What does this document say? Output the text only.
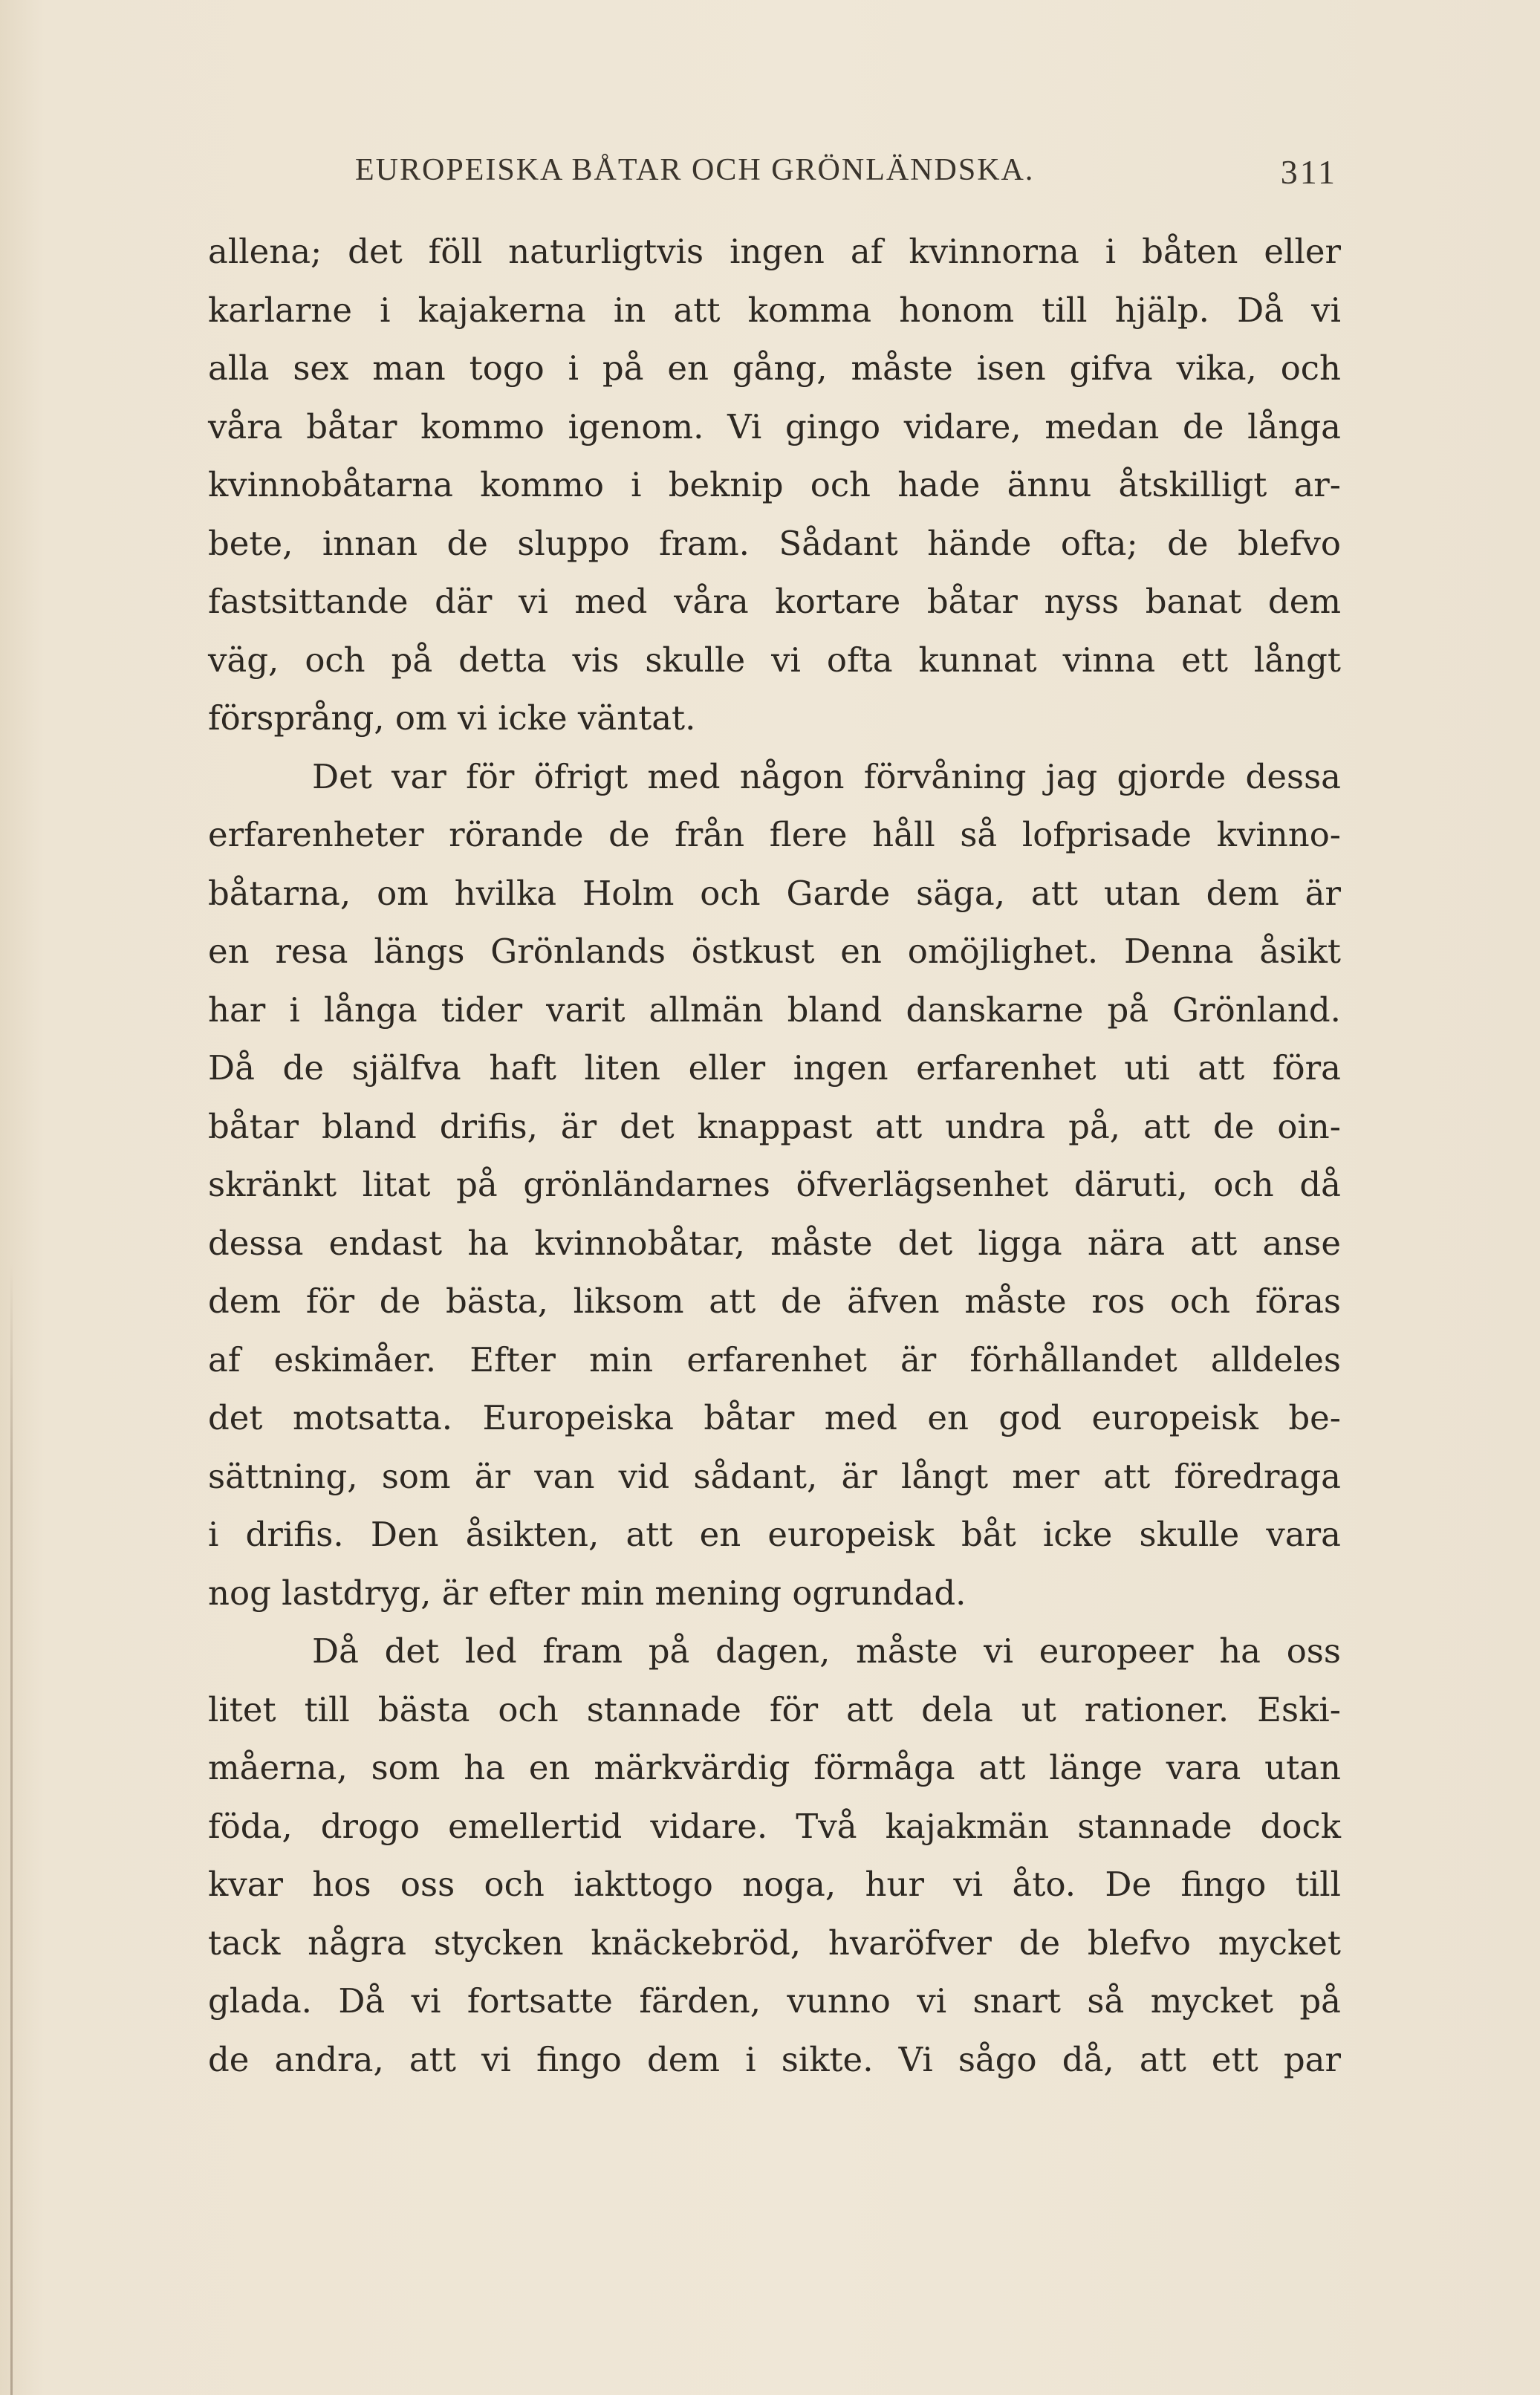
EUROPEISKA BÅTAR OCH GRÖNLÄNDSKA.	311
allena; det föll naturligtvis ingen af kvinnorna i båten eller
karlarne i kajakerna in att komma honom till hjälp. Då vi
alla sex man togo i på en gång, måste isen gifva vika, och
våra båtar kommo igenom. Vi gingo vidare, medan de långa
kvinnobåtarna kommo i beknip och hade ännu åtskilligt ar-
bete, innan de sluppo fram. Sådant hände ofta; de blefvo
fastsittande där vi med våra kortare båtar nyss banat dem
väg, och på detta vis skulle vi ofta kunnat vinna ett långt
försprång, om vi icke väntat.
Det var för öfrigt med någon förvåning jag gjorde dessa
erfarenheter rörande de från flere håll så lofprisade kvinno-
båtarna, om hvilka Holm och Garde säga, att utan dem är
en resa längs Grönlands östkust en omöjlighet. Denna åsikt
har i långa tider varit allmän bland danskarne på Grönland.
Då de själfva haft liten eller ingen erfarenhet uti att föra
båtar bland drifis, är det knappast att undra på, att de oin-
skränkt litat på grönländarnes öfverlägsenhet däruti, och då
dessa endast ha kvinnobåtar, måste det ligga nära att anse
dem för de bästa, liksom att de äfven måste ros och föras
af eskimåer. Efter min erfarenhet är förhållandet alldeles
det motsatta. Europeiska båtar med en god europeisk be-
sättning, som är van vid sådant, är långt mer att föredraga
i drifis. Den åsikten, att en europeisk båt icke skulle vara
nog lastdryg, är efter min mening ogrundad.
Då det led fram på dagen, måste vi europeer ha oss
litet till bästa och stannade för att dela ut rationer. Eski-
måerna, som ha en märkvärdig förmåga att länge vara utan
föda, drogo emellertid vidare. Två kajakmän stannade dock
kvar hos oss och iakttogo noga, hur vi åto. De fingo till
tack några stycken knäckebröd, hvaröfver de blefvo mycket
glada. Då vi fortsatte färden, vunno vi snart så mycket på
de andra, att vi fingo dem i sikte. Vi sågo då, att ett par
